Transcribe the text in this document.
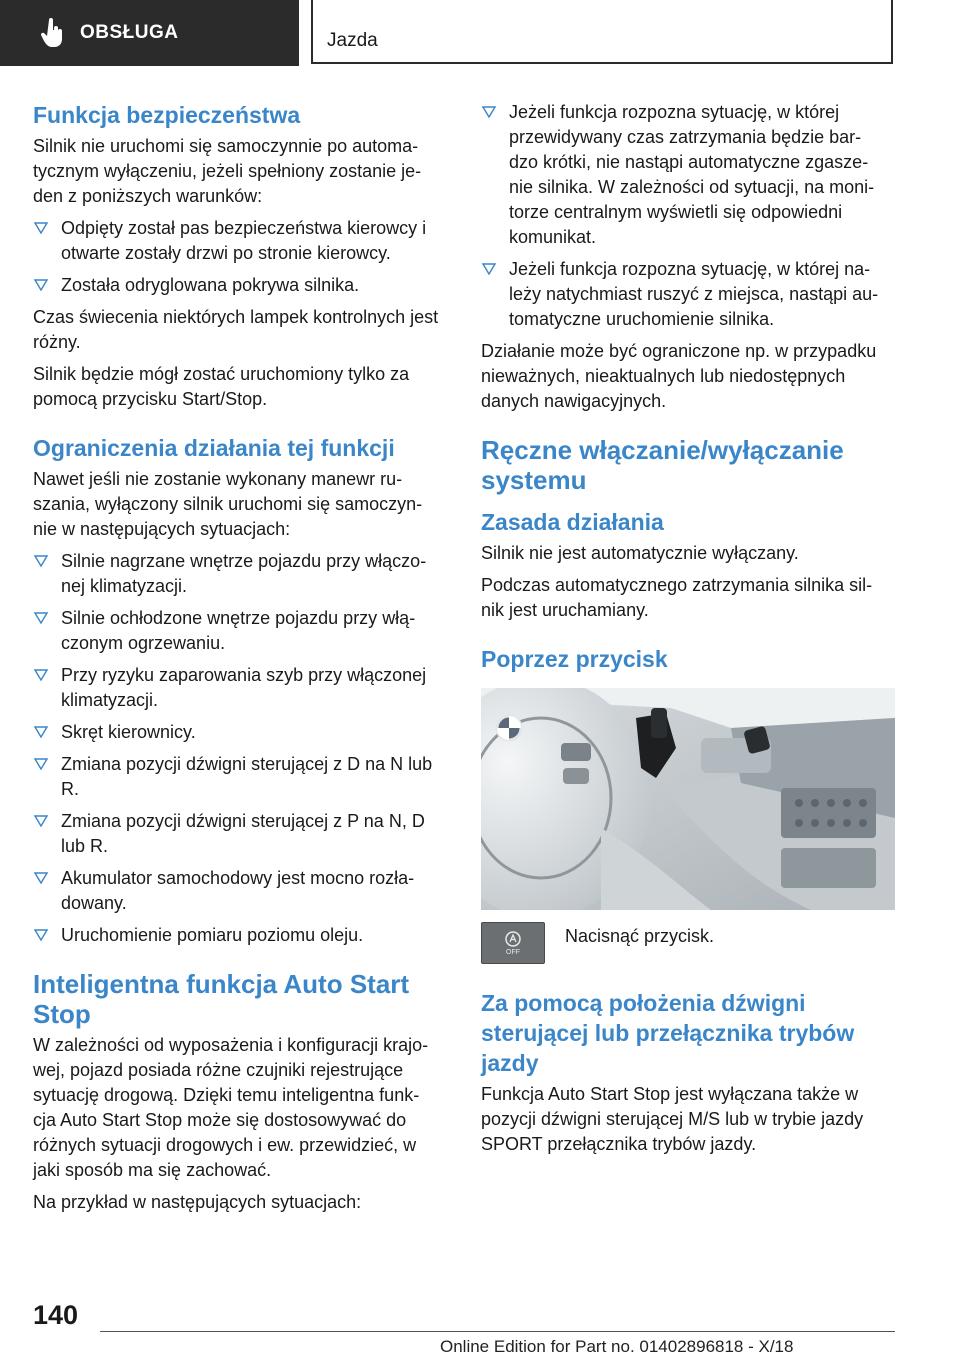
OBSŁUGA	Jazda
Funkcja bezpieczeństwa

Silnik nie uruchomi się samoczynnie po automa- tycznym wyłączeniu, jeżeli spełniony zostanie je- den z poniższych warunków:

Odpięty został pas bezpieczeństwa kierowcy i otwarte zostały drzwi po stronie kierowcy.
Została odryglowana pokrywa silnika.

Czas świecenia niektórych lampek kontrolnych jest różny.

Silnik będzie mógł zostać uruchomiony tylko za pomocą przycisku Start/Stop.

Ograniczenia działania tej funkcji

Nawet jeśli nie zostanie wykonany manewr ru- szania, wyłączony silnik uruchomi się samoczyn- nie w następujących sytuacjach:

Silnie nagrzane wnętrze pojazdu przy włączo- nej klimatyzacji.
Silnie ochłodzone wnętrze pojazdu przy włą- czonym ogrzewaniu.
Przy ryzyku zaparowania szyb przy włączonej klimatyzacji.
Skręt kierownicy.
Zmiana pozycji dźwigni sterującej z D na N lub R.
Zmiana pozycji dźwigni sterującej z P na N, D lub R.
Akumulator samochodowy jest mocno rozła- dowany.
Uruchomienie pomiaru poziomu oleju.
Inteligentna funkcja Auto Start Stop

W zależności od wyposażenia i konfiguracji krajo- wej, pojazd posiada różne czujniki rejestrujące sytuację drogową. Dzięki temu inteligentna funk- cja Auto Start Stop może się dostosowywać do różnych sytuacji drogowych i ew. przewidzieć, w jaki sposób ma się zachować.

Na przykład w następujących sytuacjach:

Jeżeli funkcja rozpozna sytuację, w której przewidywany czas zatrzymania będzie bar- dzo krótki, nie nastąpi automatyczne zgasze- nie silnika. W zależności od sytuacji, na moni- torze centralnym wyświetli się odpowiedni komunikat.
Jeżeli funkcja rozpozna sytuację, w której na- leży natychmiast ruszyć z miejsca, nastąpi au- tomatyczne uruchomienie silnika.

Działanie może być ograniczone np. w przypadku nieważnych, nieaktualnych lub niedostępnych danych nawigacyjnych.

Ręczne włączanie/wyłączanie systemu
Zasada działania

Silnik nie jest automatycznie wyłączany.

Podczas automatycznego zatrzymania silnika sil- nik jest uruchamiany.

Poprzez przycisk
OFF

Nacisnąć przycisk.

Za pomocą położenia dźwigni sterującej lub przełącznika trybów jazdy

Funkcja Auto Start Stop jest wyłączana także w pozycji dźwigni sterującej M/S lub w trybie jazdy SPORT przełącznika trybów jazdy.

140
Online Edition for Part no. 01402896818 - X/18
